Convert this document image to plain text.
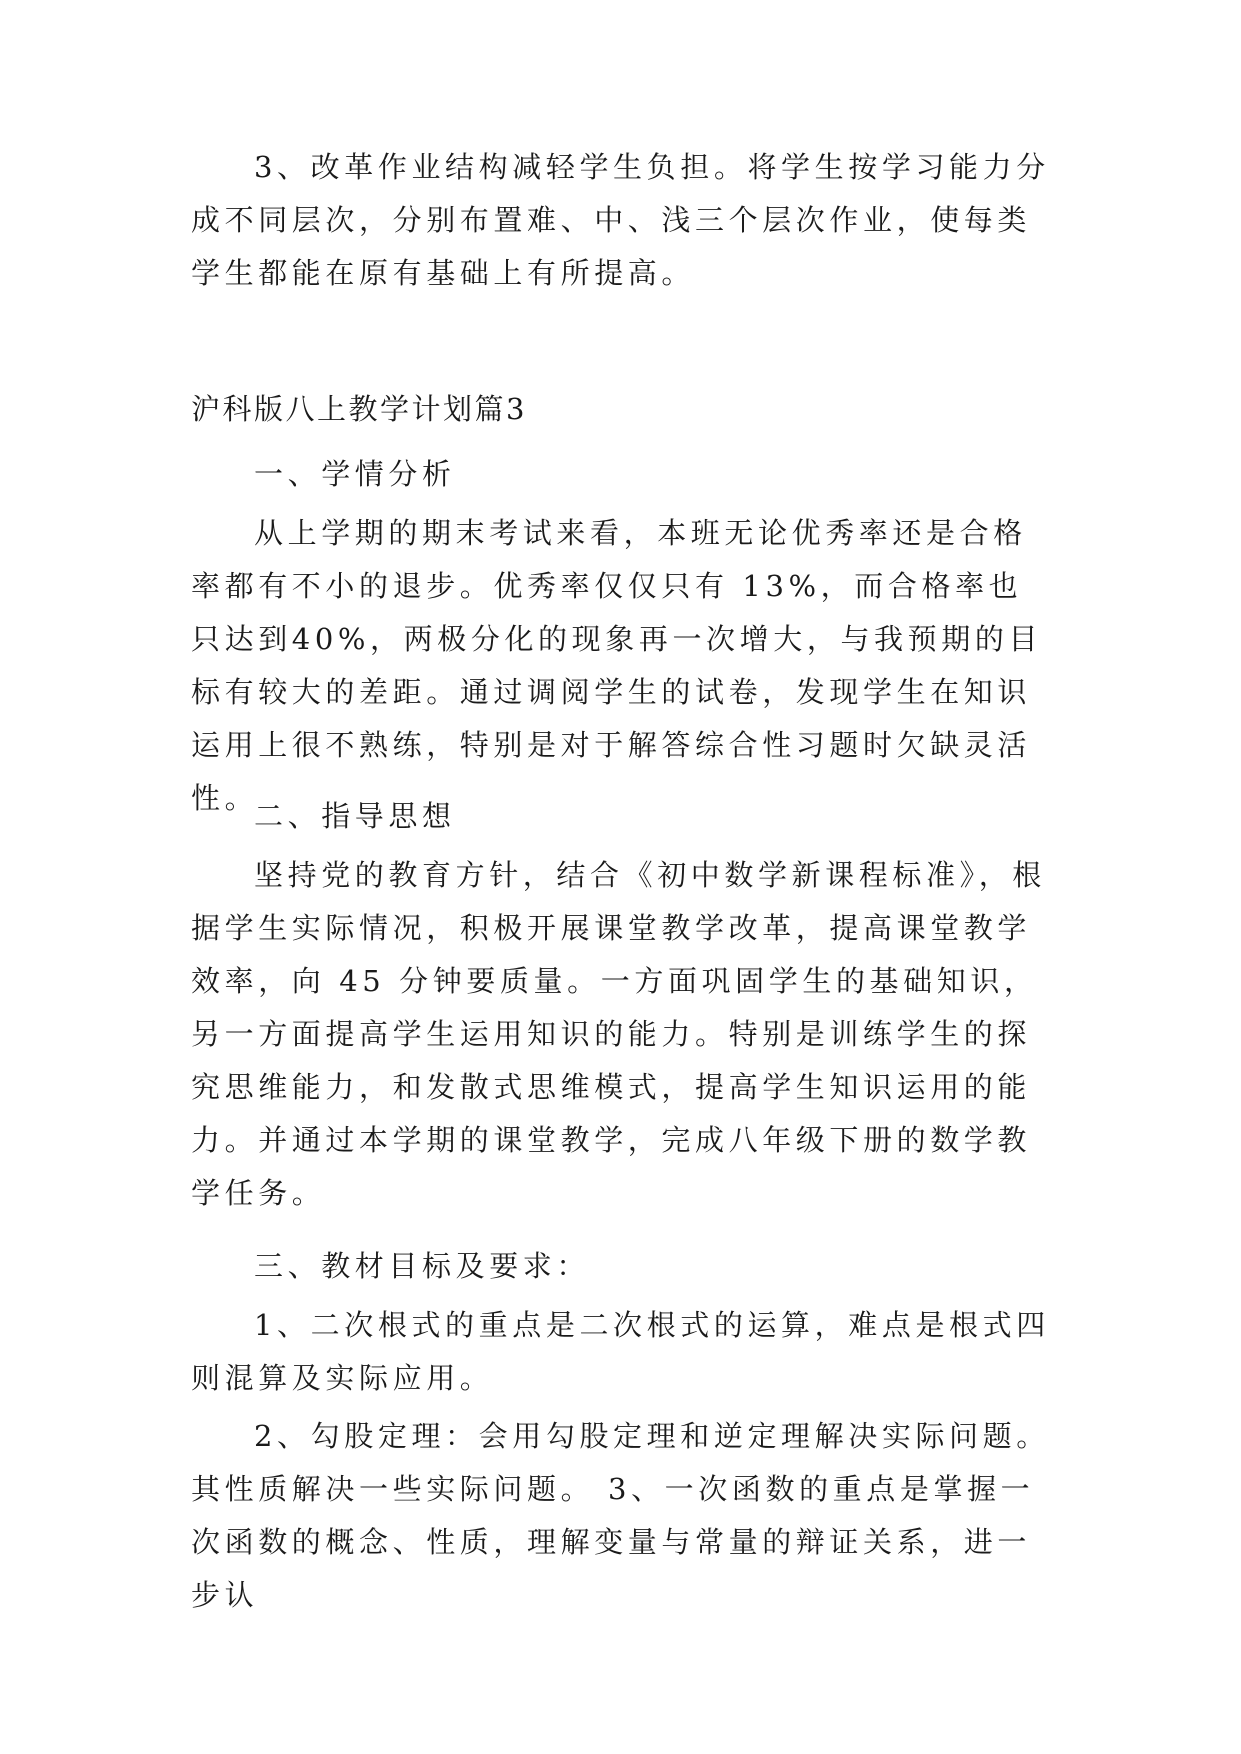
3、改革作业结构减轻学生负担。将学生按学习能力分成不同层次，分别布置难、中、浅三个层次作业，使每类学生都能在原有基础上有所提高。

沪科版八上教学计划篇3

一、学情分析

从上学期的期末考试来看，本班无论优秀率还是合格率都有不小的退步。优秀率仅仅只有 13%，而合格率也只达到40%，两极分化的现象再一次增大，与我预期的目标有较大的差距。通过调阅学生的试卷，发现学生在知识运用上很不熟练，特别是对于解答综合性习题时欠缺灵活性。

二、指导思想

坚持党的教育方针，结合《初中数学新课程标准》，根据学生实际情况，积极开展课堂教学改革，提高课堂教学效率，向 45 分钟要质量。一方面巩固学生的基础知识，另一方面提高学生运用知识的能力。特别是训练学生的探究思维能力，和发散式思维模式，提高学生知识运用的能力。并通过本学期的课堂教学，完成八年级下册的数学教学任务。

三、教材目标及要求：

1、二次根式的重点是二次根式的运算，难点是根式四则混算及实际应用。

2、勾股定理：会用勾股定理和逆定理解决实际问题。其性质解决一些实际问题。 3、一次函数的重点是掌握一次函数的概念、性质，理解变量与常量的辩证关系，进一步认
